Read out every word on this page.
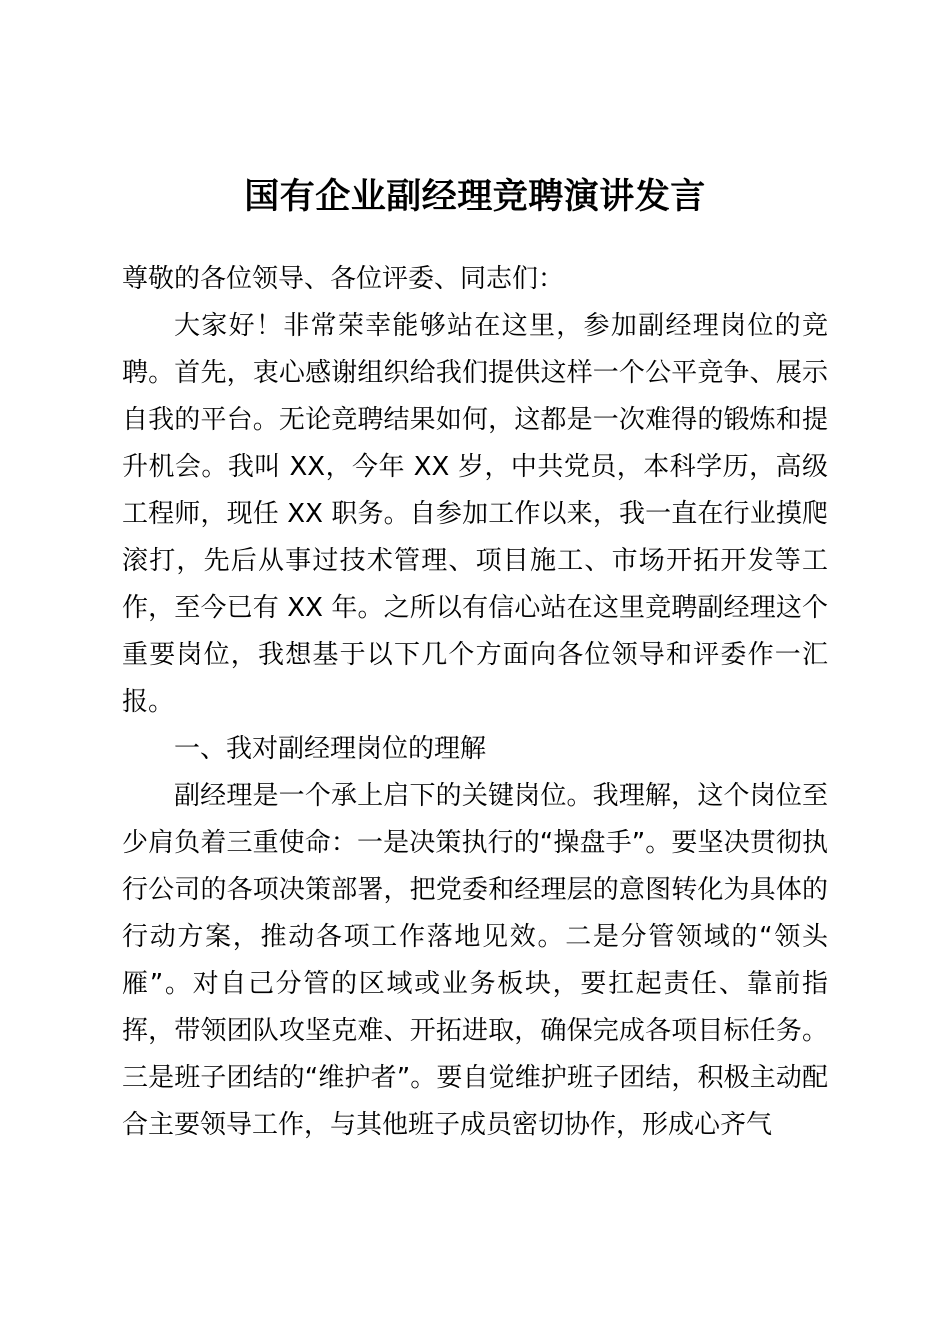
国有企业副经理竞聘演讲发言

尊敬的各位领导、各位评委、同志们：

大家好！非常荣幸能够站在这里，参加副经理岗位的竞聘。首先，衷心感谢组织给我们提供这样一个公平竞争、展示自我的平台。无论竞聘结果如何，这都是一次难得的锻炼和提升机会。我叫 XX，今年 XX 岁，中共党员，本科学历，高级工程师，现任 XX 职务。自参加工作以来，我一直在行业摸爬滚打，先后从事过技术管理、项目施工、市场开拓开发等工作，至今已有 XX 年。之所以有信心站在这里竞聘副经理这个重要岗位，我想基于以下几个方面向各位领导和评委作一汇报。

一、我对副经理岗位的理解

副经理是一个承上启下的关键岗位。我理解，这个岗位至少肩负着三重使命：一是决策执行的“操盘手”。要坚决贯彻执行公司的各项决策部署，把党委和经理层的意图转化为具体的行动方案，推动各项工作落地见效。二是分管领域的“领头雁”。对自己分管的区域或业务板块，要扛起责任、靠前指挥，带领团队攻坚克难、开拓进取，确保完成各项目标任务。三是班子团结的“维护者”。要自觉维护班子团结，积极主动配合主要领导工作，与其他班子成员密切协作，形成心齐气
